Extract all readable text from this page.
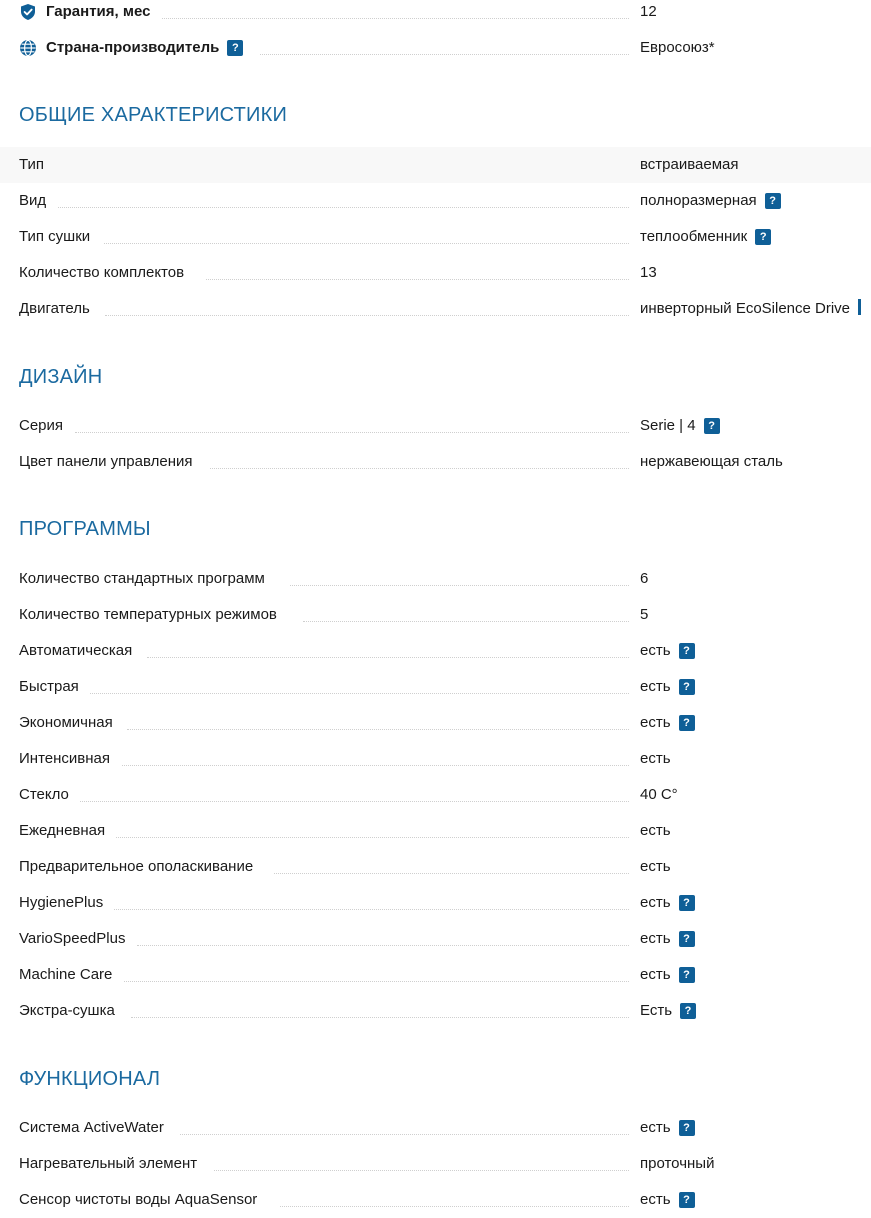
Гарантия, мес	12
Страна-производитель ?	Евросоюз*
ОБЩИЕ ХАРАКТЕРИСТИКИ
Тип	встраиваемая
Вид	полноразмерная ?
Тип сушки	теплообменник ?
Количество комплектов	13
Двигатель	инверторный EcoSilence Drive
ДИЗАЙН
Серия	Serie | 4 ?
Цвет панели управления	нержавеющая сталь
ПРОГРАММЫ
Количество стандартных программ	6
Количество температурных режимов	5
Автоматическая	есть ?
Быстрая	есть ?
Экономичная	есть ?
Интенсивная	есть
Стекло	40 C°
Ежедневная	есть
Предварительное ополаскивание	есть
HygienePlus	есть ?
VarioSpeedPlus	есть ?
Machine Care	есть ?
Экстра-сушка	Есть ?
ФУНКЦИОНАЛ
Система ActiveWater	есть ?
Нагревательный элемент	проточный
Сенсор чистоты воды AquaSensor	есть ?
